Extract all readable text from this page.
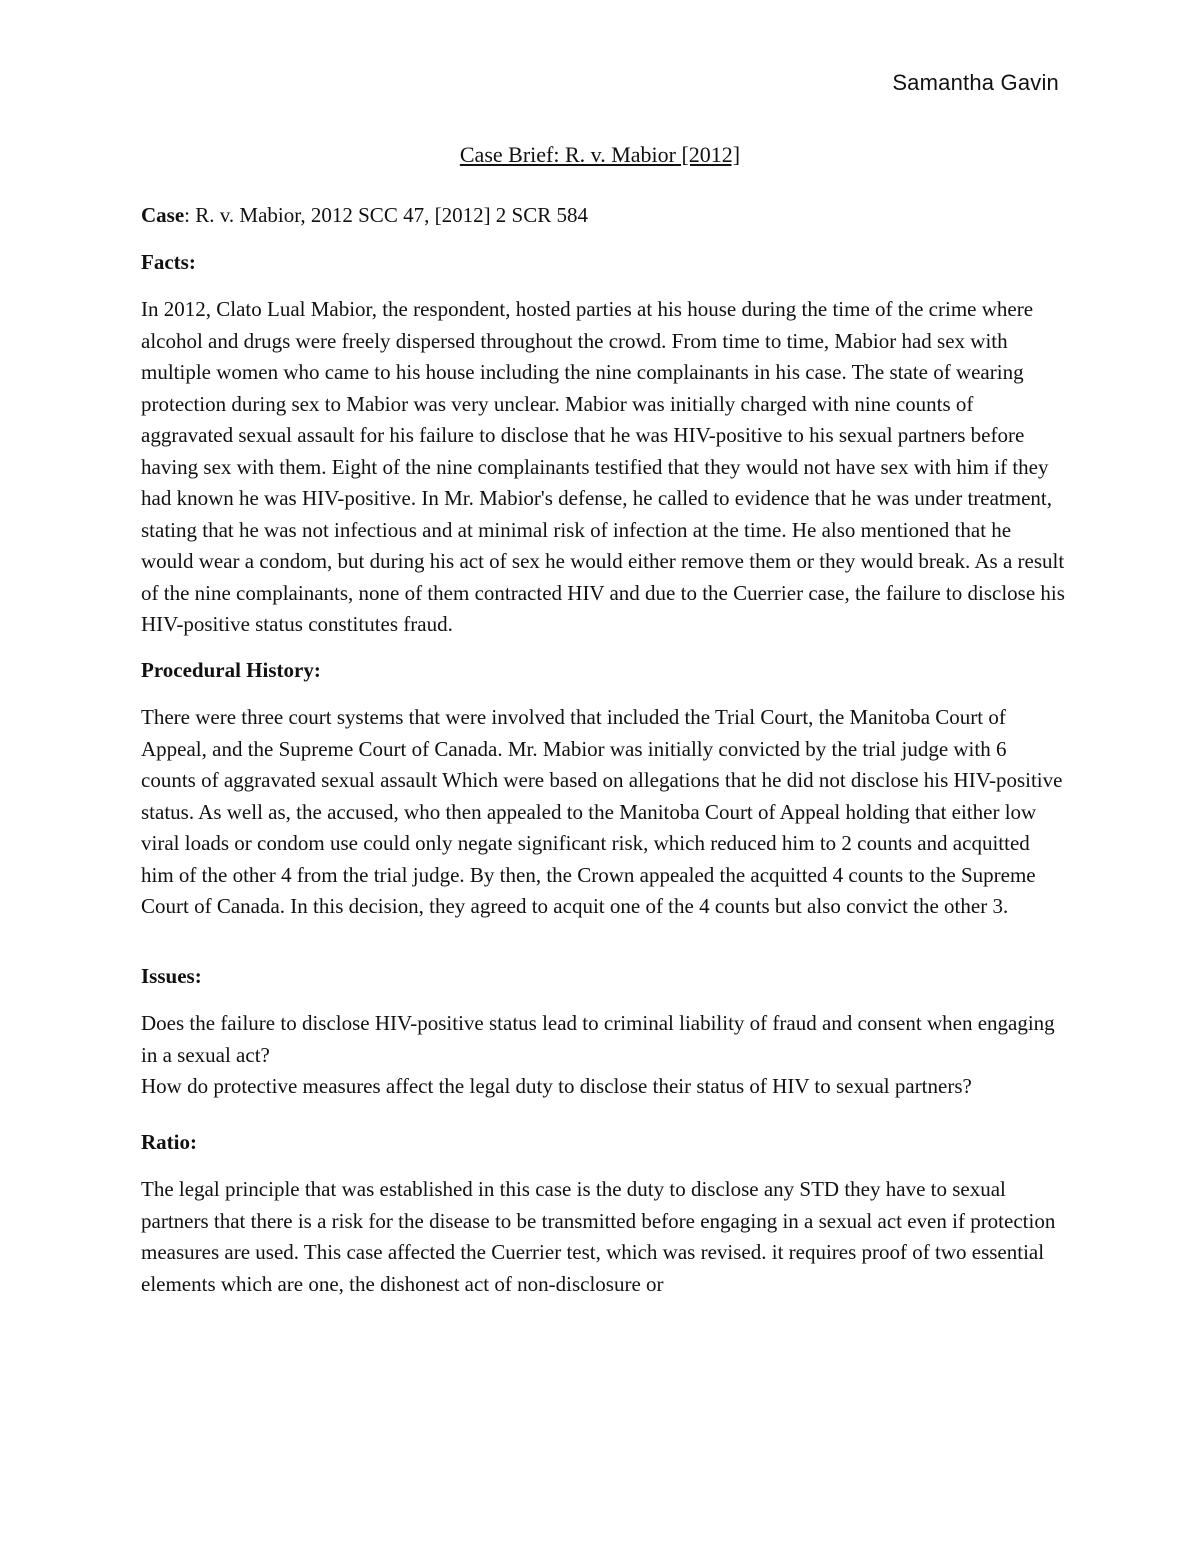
Samantha Gavin
Case Brief: R. v. Mabior [2012]
Case: R. v. Mabior, 2012 SCC 47, [2012] 2 SCR 584
Facts:

In 2012, Clato Lual Mabior, the respondent, hosted parties at his house during the time of the crime where alcohol and drugs were freely dispersed throughout the crowd. From time to time, Mabior had sex with multiple women who came to his house including the nine complainants in his case. The state of wearing protection during sex to Mabior was very unclear. Mabior was initially charged with nine counts of aggravated sexual assault for his failure to disclose that he was HIV-positive to his sexual partners before having sex with them. Eight of the nine complainants testified that they would not have sex with him if they had known he was HIV-positive. In Mr. Mabior's defense, he called to evidence that he was under treatment, stating that he was not infectious and at minimal risk of infection at the time. He also mentioned that he would wear a condom, but during his act of sex he would either remove them or they would break. As a result of the nine complainants, none of them contracted HIV and due to the Cuerrier case, the failure to disclose his HIV-positive status constitutes fraud.

Procedural History:

There were three court systems that were involved that included the Trial Court, the Manitoba Court of Appeal, and the Supreme Court of Canada. Mr. Mabior was initially convicted by the trial judge with 6 counts of aggravated sexual assault Which were based on allegations that he did not disclose his HIV-positive status. As well as, the accused, who then appealed to the Manitoba Court of Appeal holding that either low viral loads or condom use could only negate significant risk, which reduced him to 2 counts and acquitted him of the other 4 from the trial judge. By then, the Crown appealed the acquitted 4 counts to the Supreme Court of Canada. In this decision, they agreed to acquit one of the 4 counts but also convict the other 3.

Issues:

Does the failure to disclose HIV-positive status lead to criminal liability of fraud and consent when engaging in a sexual act?

How do protective measures affect the legal duty to disclose their status of HIV to sexual partners?

Ratio:

The legal principle that was established in this case is the duty to disclose any STD they have to sexual partners that there is a risk for the disease to be transmitted before engaging in a sexual act even if protection measures are used. This case affected the Cuerrier test, which was revised. it requires proof of two essential elements which are one, the dishonest act of non-disclosure or
